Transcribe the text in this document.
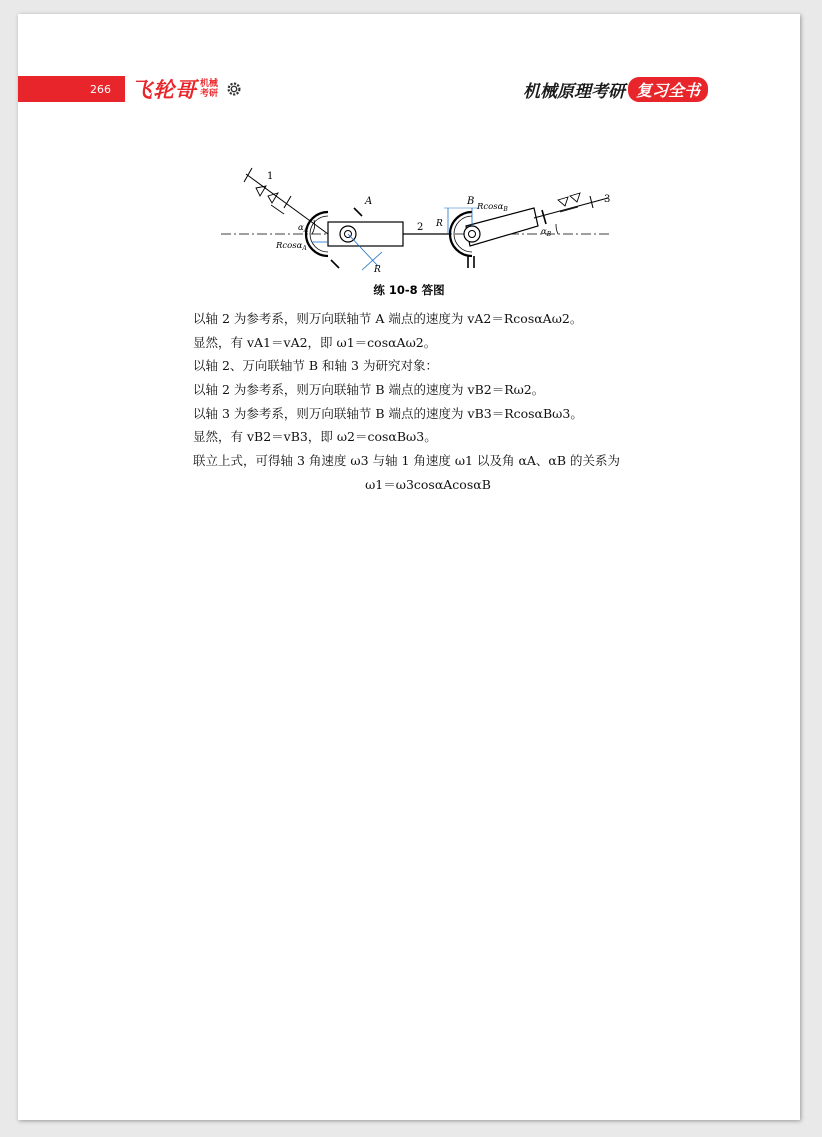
266 飞轮哥 机械
考研	机械原理考研 复习全书
1
2
3
A	B
R
R
$\alpha_A$	$\alpha_B$
Rcosα$_A$
Rcosα$_B$
练 10-8 答图
以轴 2 为参考系，则万向联轴节 A 端点的速度为 vA2＝RcosαAω2。
显然，有 vA1＝vA2，即 ω1＝cosαAω2。
以轴 2、万向联轴节 B 和轴 3 为研究对象：
以轴 2 为参考系，则万向联轴节 B 端点的速度为 vB2＝Rω2。
以轴 3 为参考系，则万向联轴节 B 端点的速度为 vB3＝RcosαBω3。
显然，有 vB2＝vB3，即 ω2＝cosαBω3。
联立上式，可得轴 3 角速度 ω3 与轴 1 角速度 ω1 以及角 αA、αB 的关系为
ω1＝ω3cosαAcosαB
